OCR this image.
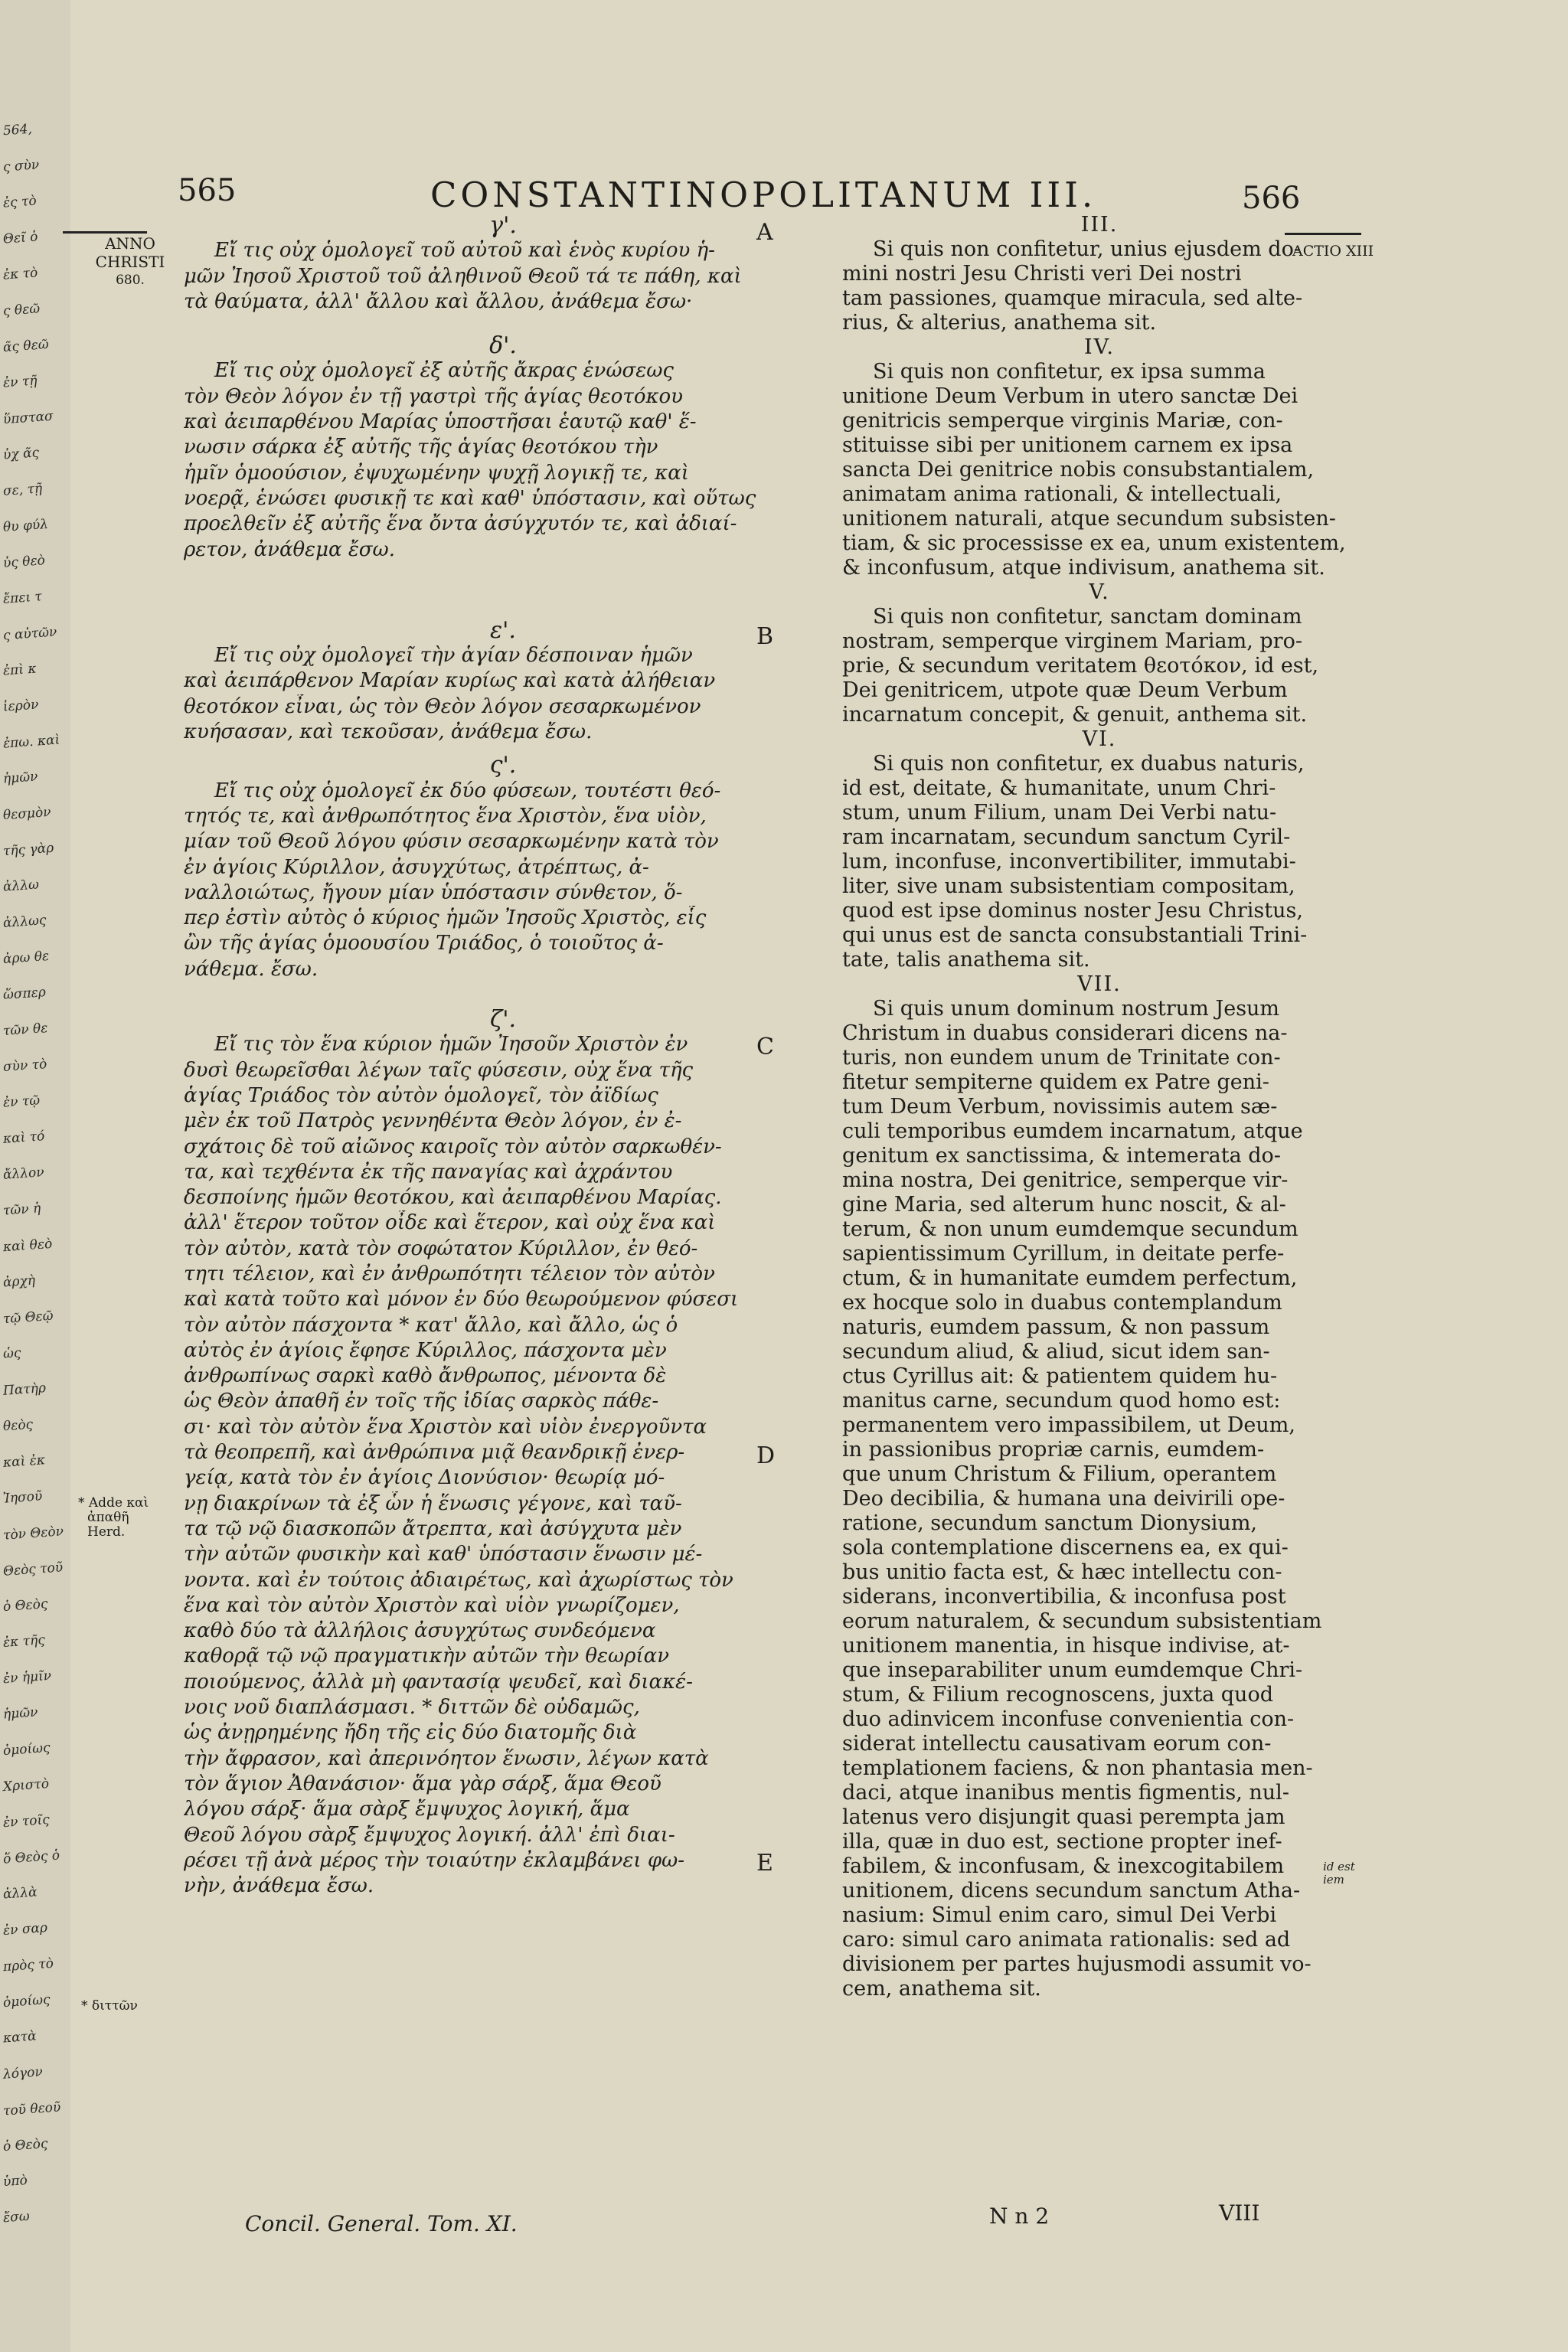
564,
ς σὺν
ἐς τὸ
Θεῖ ὁ
ἐκ τὸ
ς θεῶ
ᾶς θεῶ
ἐν τῇ
ὕπστασ
ὐχ ᾶς
σε, τῇ
θυ φύλ
ὐς θεὸ
ἔπει τ
ς αὐτῶν
ἐπὶ κ
ἱερὸν
ἐπω. καὶ
ἡμῶν
θεσμὸν
τῆς γὰρ
ἀλλω
ἀλλως
ἀρω θε
ὥσπερ
τῶν θε
σὺν τὸ
ἐν τῷ
καὶ τό
ἄλλον
τῶν ἡ
καὶ θεὸ
ἀρχὴ
τῷ Θεῷ
ὡς
Πατὴρ
θεὸς
καὶ ἐκ
Ἰησοῦ
τὸν Θεὸν
Θεὸς τοῦ
ὁ Θεὸς
ἐκ τῆς
ἐν ἡμῖν
ἡμῶν
ὁμοίως
Χριστὸ
ἐν τοῖς
ὅ Θεὸς ὁ
ἀλλὰ
ἐν σαρ
πρὸς τὸ
ὁμοίως
κατὰ
λόγον
τοῦ θεοῦ
ὁ Θεὸς
ὑπὸ
ἔσω
565	CONSTANTINOPOLITANUM III.	566
ANNO
CHRISTI
680.
ACTIO XIII
* Adde καὶ
ἀπαθῆ
Herd.
* διττῶν
id est
iem
A
B
C
D
E
γ'.
Εἴ τις οὐχ ὁμολογεῖ τοῦ αὐτοῦ καὶ ἑνὸς κυρίου ἡ-
μῶν Ἰησοῦ Χριστοῦ τοῦ ἀληθινοῦ Θεοῦ τά τε πάθη, καὶ
τὰ θαύματα, ἀλλ' ἄλλου καὶ ἄλλου, ἀνάθεμα ἔσω·
δ'.
Εἴ τις οὐχ ὁμολογεῖ ἐξ αὐτῆς ἄκρας ἑνώσεως
τὸν Θεὸν λόγον ἐν τῇ γαστρὶ τῆς ἁγίας θεοτόκου
καὶ ἀειπαρθένου Μαρίας ὑποστῆσαι ἑαυτῷ καθ' ἕ-
νωσιν σάρκα ἐξ αὐτῆς τῆς ἁγίας θεοτόκου τὴν
ἡμῖν ὁμοούσιον, ἐψυχωμένην ψυχῇ λογικῇ τε, καὶ
νοερᾷ, ἑνώσει φυσικῇ τε καὶ καθ' ὑπόστασιν, καὶ οὕτως
προελθεῖν ἐξ αὐτῆς ἕνα ὄντα ἀσύγχυτόν τε, καὶ ἀδιαί-
ρετον, ἀνάθεμα ἔσω.
ε'.
Εἴ τις οὐχ ὁμολογεῖ τὴν ἁγίαν δέσποιναν ἡμῶν
καὶ ἀειπάρθενον Μαρίαν κυρίως καὶ κατὰ ἀλήθειαν
θεοτόκον εἶναι, ὡς τὸν Θεὸν λόγον σεσαρκωμένον
κυήσασαν, καὶ τεκοῦσαν, ἀνάθεμα ἔσω.
ς'.
Εἴ τις οὐχ ὁμολογεῖ ἐκ δύο φύσεων, τουτέστι θεό-
τητός τε, καὶ ἀνθρωπότητος ἕνα Χριστὸν, ἕνα υἱὸν,
μίαν τοῦ Θεοῦ λόγου φύσιν σεσαρκωμένην κατὰ τὸν
ἐν ἁγίοις Κύριλλον, ἀσυγχύτως, ἀτρέπτως, ἀ-
ναλλοιώτως, ἤγουν μίαν ὑπόστασιν σύνθετον, ὅ-
περ ἐστὶν αὐτὸς ὁ κύριος ἡμῶν Ἰησοῦς Χριστὸς, εἷς
ὢν τῆς ἁγίας ὁμοουσίου Τριάδος, ὁ τοιοῦτος ἀ-
νάθεμα. ἔσω.
ζ'.
Εἴ τις τὸν ἕνα κύριον ἡμῶν Ἰησοῦν Χριστὸν ἐν
δυσὶ θεωρεῖσθαι λέγων ταῖς φύσεσιν, οὐχ ἕνα τῆς
ἁγίας Τριάδος τὸν αὐτὸν ὁμολογεῖ, τὸν ἀϊδίως
μὲν ἐκ τοῦ Πατρὸς γεννηθέντα Θεὸν λόγον, ἐν ἐ-
σχάτοις δὲ τοῦ αἰῶνος καιροῖς τὸν αὐτὸν σαρκωθέν-
τα, καὶ τεχθέντα ἐκ τῆς παναγίας καὶ ἀχράντου
δεσποίνης ἡμῶν θεοτόκου, καὶ ἀειπαρθένου Μαρίας.
ἀλλ' ἕτερον τοῦτον οἶδε καὶ ἕτερον, καὶ οὐχ ἕνα καὶ
τὸν αὐτὸν, κατὰ τὸν σοφώτατον Κύριλλον, ἐν θεό-
τητι τέλειον, καὶ ἐν ἀνθρωπότητι τέλειον τὸν αὐτὸν
καὶ κατὰ τοῦτο καὶ μόνον ἐν δύο θεωρούμενον φύσεσι
τὸν αὐτὸν πάσχοντα * κατ' ἄλλο, καὶ ἄλλο, ὡς ὁ
αὐτὸς ἐν ἁγίοις ἔφησε Κύριλλος, πάσχοντα μὲν
ἀνθρωπίνως σαρκὶ καθὸ ἄνθρωπος, μένοντα δὲ
ὡς Θεὸν ἀπαθῆ ἐν τοῖς τῆς ἰδίας σαρκὸς πάθε-
σι· καὶ τὸν αὐτὸν ἕνα Χριστὸν καὶ υἱὸν ἐνεργοῦντα
τὰ θεοπρεπῆ, καὶ ἀνθρώπινα μιᾷ θεανδρικῇ ἐνερ-
γείᾳ, κατὰ τὸν ἐν ἁγίοις Διονύσιον· θεωρίᾳ μό-
νῃ διακρίνων τὰ ἐξ ὧν ἡ ἕνωσις γέγονε, καὶ ταῦ-
τα τῷ νῷ διασκοπῶν ἄτρεπτα, καὶ ἀσύγχυτα μὲν
τὴν αὐτῶν φυσικὴν καὶ καθ' ὑπόστασιν ἕνωσιν μέ-
νοντα. καὶ ἐν τούτοις ἀδιαιρέτως, καὶ ἀχωρίστως τὸν
ἕνα καὶ τὸν αὐτὸν Χριστὸν καὶ υἱὸν γνωρίζομεν,
καθὸ δύο τὰ ἀλλήλοις ἀσυγχύτως συνδεόμενα
καθορᾷ τῷ νῷ πραγματικὴν αὐτῶν τὴν θεωρίαν
ποιούμενος, ἀλλὰ μὴ φαντασίᾳ ψευδεῖ, καὶ διακέ-
νοις νοῦ διαπλάσμασι. * διττῶν δὲ οὐδαμῶς,
ὡς ἀνῃρημένης ἤδη τῆς εἰς δύο διατομῆς διὰ
τὴν ἄφρασον, καὶ ἀπερινόητον ἕνωσιν, λέγων κατὰ
τὸν ἅγιον Ἀθανάσιον· ἅμα γὰρ σάρξ, ἅμα Θεοῦ
λόγου σάρξ· ἅμα σὰρξ ἔμψυχος λογική, ἅμα
Θεοῦ λόγου σὰρξ ἔμψυχος λογική. ἀλλ' ἐπὶ διαι-
ρέσει τῇ ἀνὰ μέρος τὴν τοιαύτην ἐκλαμβάνει φω-
νὴν, ἀνάθεμα ἔσω.
III.
Si quis non confitetur, unius ejusdem do-
mini nostri Jesu Christi veri Dei nostri
tam passiones, quamque miracula, sed alte-
rius, & alterius, anathema sit.
IV.
Si quis non confitetur, ex ipsa summa
unitione Deum Verbum in utero sanctæ Dei
genitricis semperque virginis Mariæ, con-
stituisse sibi per unitionem carnem ex ipsa
sancta Dei genitrice nobis consubstantialem,
animatam anima rationali, & intellectuali,
unitionem naturali, atque secundum subsisten-
tiam, & sic processisse ex ea, unum existentem,
& inconfusum, atque indivisum, anathema sit.
V.
Si quis non confitetur, sanctam dominam
nostram, semperque virginem Mariam, pro-
prie, & secundum veritatem θεοτόκον, id est,
Dei genitricem, utpote quæ Deum Verbum
incarnatum concepit, & genuit, anthema sit.
VI.
Si quis non confitetur, ex duabus naturis,
id est, deitate, & humanitate, unum Chri-
stum, unum Filium, unam Dei Verbi natu-
ram incarnatam, secundum sanctum Cyril-
lum, inconfuse, inconvertibiliter, immutabi-
liter, sive unam subsistentiam compositam,
quod est ipse dominus noster Jesu Christus,
qui unus est de sancta consubstantiali Trini-
tate, talis anathema sit.
VII.
Si quis unum dominum nostrum Jesum
Christum in duabus considerari dicens na-
turis, non eundem unum de Trinitate con-
fitetur sempiterne quidem ex Patre geni-
tum Deum Verbum, novissimis autem sæ-
culi temporibus eumdem incarnatum, atque
genitum ex sanctissima, & intemerata do-
mina nostra, Dei genitrice, semperque vir-
gine Maria, sed alterum hunc noscit, & al-
terum, & non unum eumdemque secundum
sapientissimum Cyrillum, in deitate perfe-
ctum, & in humanitate eumdem perfectum,
ex hocque solo in duabus contemplandum
naturis, eumdem passum, & non passum
secundum aliud, & aliud, sicut idem san-
ctus Cyrillus ait: & patientem quidem hu-
manitus carne, secundum quod homo est:
permanentem vero impassibilem, ut Deum,
in passionibus propriæ carnis, eumdem-
que unum Christum & Filium, operantem
Deo decibilia, & humana una deivirili ope-
ratione, secundum sanctum Dionysium,
sola contemplatione discernens ea, ex qui-
bus unitio facta est, & hæc intellectu con-
siderans, inconvertibilia, & inconfusa post
eorum naturalem, & secundum subsistentiam
unitionem manentia, in hisque indivise, at-
que inseparabiliter unum eumdemque Chri-
stum, & Filium recognoscens, juxta quod
duo adinvicem inconfuse convenientia con-
siderat intellectu causativam eorum con-
templationem faciens, & non phantasia men-
daci, atque inanibus mentis figmentis, nul-
latenus vero disjungit quasi perempta jam
illa, quæ in duo est, sectione propter inef-
fabilem, & inconfusam, & inexcogitabilem
unitionem, dicens secundum sanctum Atha-
nasium: Simul enim caro, simul Dei Verbi
caro: simul caro animata rationalis: sed ad
divisionem per partes hujusmodi assumit vo-
cem, anathema sit.
Concil. General. Tom. XI.	N n 2	VIII
